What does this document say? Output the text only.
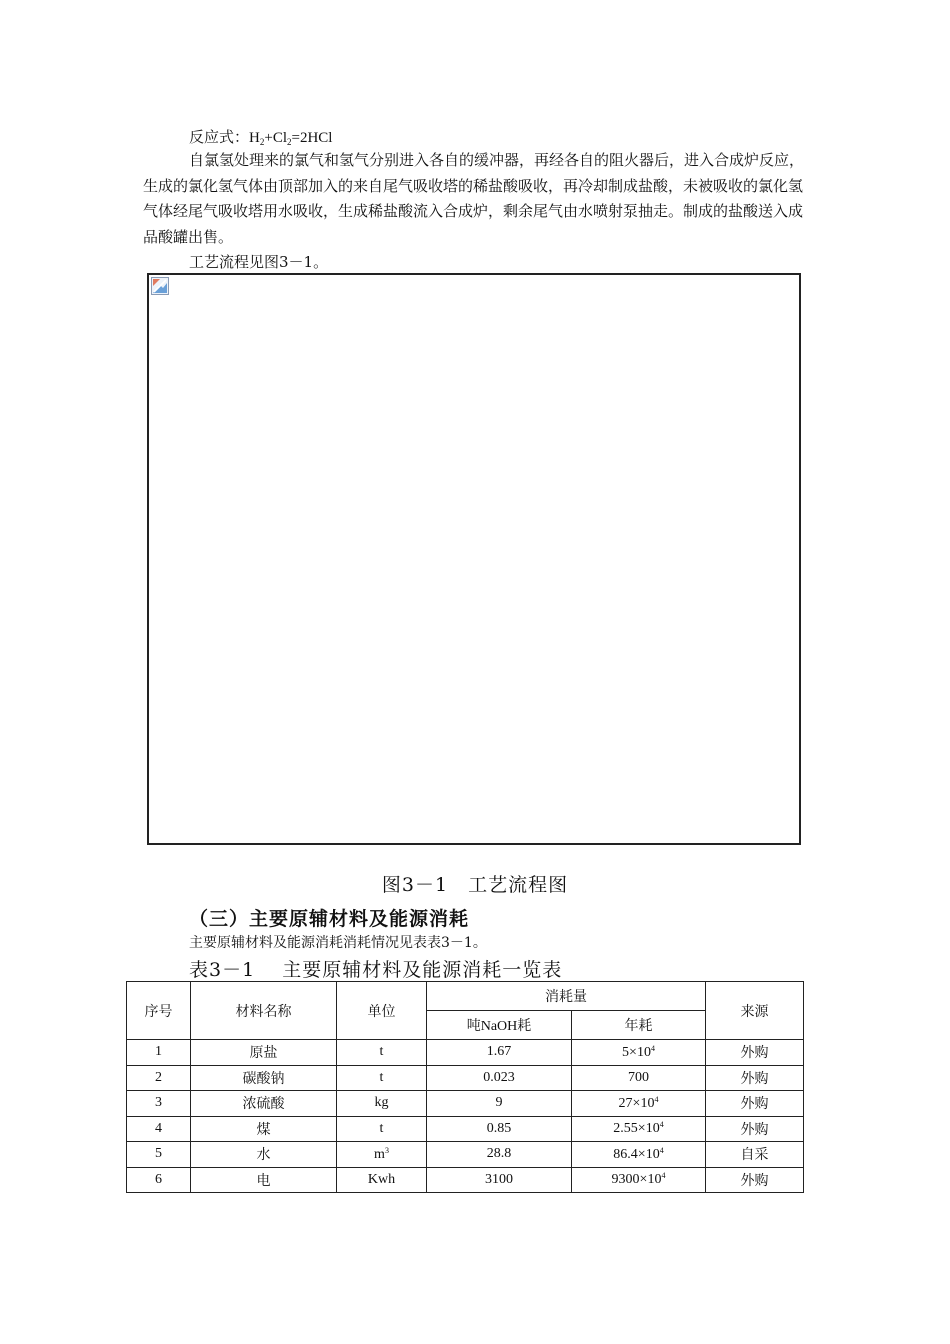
反应式：$H_2+Cl_2=2HCl$
自氯氢处理来的氯气和氢气分别进入各自的缓冲器，再经各自的阻火器后，进入合成炉反应，生成的氯化氢气体由顶部加入的来自尾气吸收塔的稀盐酸吸收，再冷却制成盐酸，未被吸收的氯化氢气体经尾气吸收塔用水吸收，生成稀盐酸流入合成炉，剩余尾气由水喷射泵抽走。制成的盐酸送入成品酸罐出售。
工艺流程见图3－1。
图3－1　工艺流程图
（三）主要原辅材料及能源消耗
主要原辅材料及能源消耗消耗情况见表表3－1。
表3－1　 主要原辅材料及能源消耗一览表
序号	材料名称	单位	消耗量		来源
			吨NaOH耗	年耗	
1	原盐	t	1.67	$5\times 10^4$	外购
2	碳酸钠	t	0.023	700	外购
3	浓硫酸	kg	9	$27\times 10^4$	外购
4	煤	t	0.85	$2.55\times 10^4$	外购
5	水	$m^3$	28.8	$86.4\times 10^4$	自采
6	电	Kwh	3100	$9300\times 10^4$	外购
